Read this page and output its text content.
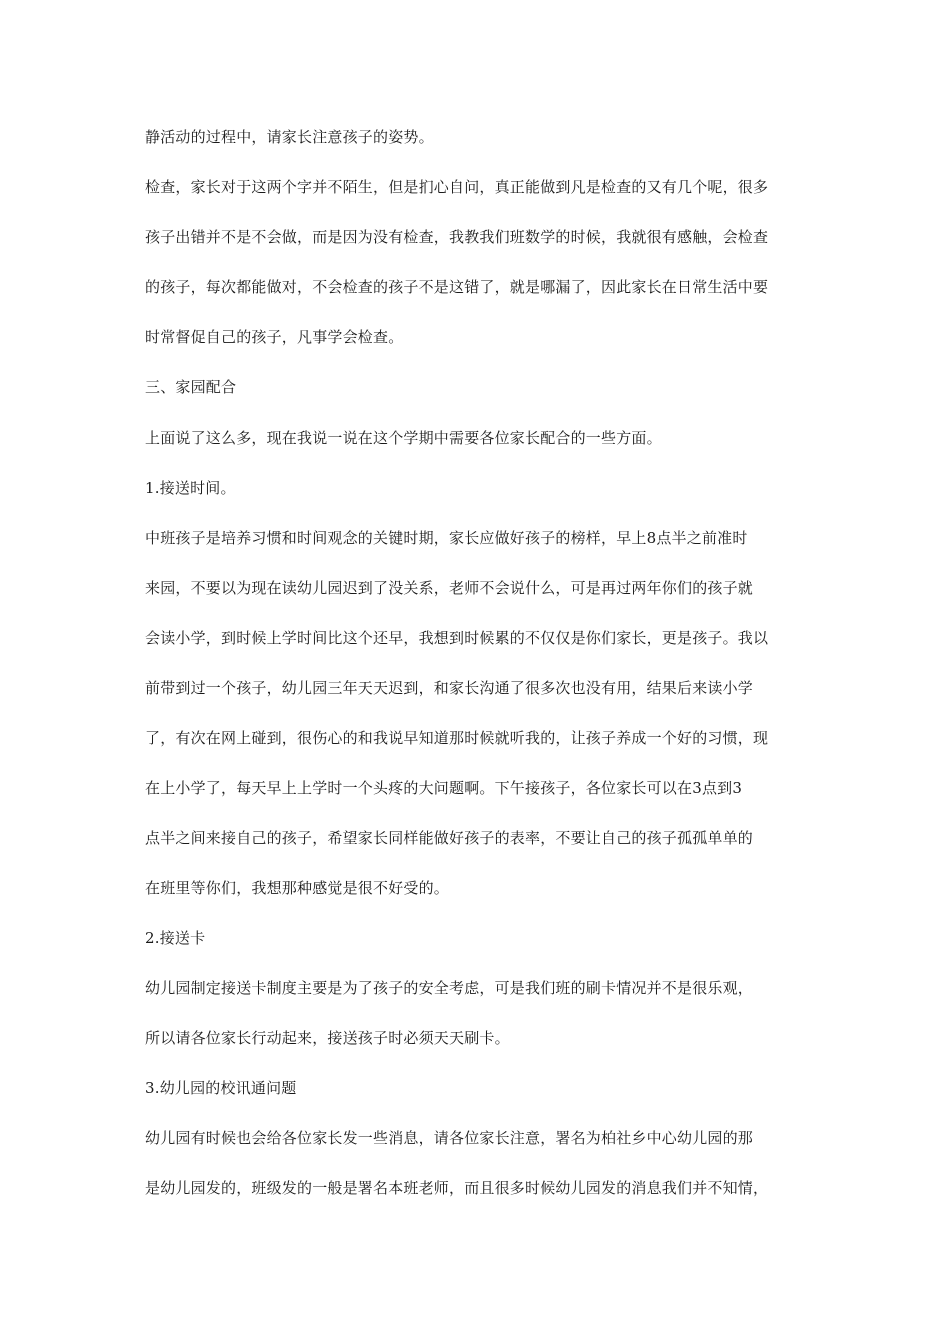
静活动的过程中，请家长注意孩子的姿势。
检查，家长对于这两个字并不陌生，但是扪心自问，真正能做到凡是检查的又有几个呢，很多
孩子出错并不是不会做，而是因为没有检查，我教我们班数学的时候，我就很有感触，会检查
的孩子，每次都能做对，不会检查的孩子不是这错了，就是哪漏了，因此家长在日常生活中要
时常督促自己的孩子，凡事学会检查。
三、家园配合
上面说了这么多，现在我说一说在这个学期中需要各位家长配合的一些方面。
1.接送时间。
中班孩子是培养习惯和时间观念的关键时期，家长应做好孩子的榜样，早上8点半之前准时
来园，不要以为现在读幼儿园迟到了没关系，老师不会说什么，可是再过两年你们的孩子就
会读小学，到时候上学时间比这个还早，我想到时候累的不仅仅是你们家长，更是孩子。我以
前带到过一个孩子，幼儿园三年天天迟到，和家长沟通了很多次也没有用，结果后来读小学
了，有次在网上碰到，很伤心的和我说早知道那时候就听我的，让孩子养成一个好的习惯，现
在上小学了，每天早上上学时一个头疼的大问题啊。下午接孩子，各位家长可以在3点到3
点半之间来接自己的孩子，希望家长同样能做好孩子的表率，不要让自己的孩子孤孤单单的
在班里等你们，我想那种感觉是很不好受的。
2.接送卡
幼儿园制定接送卡制度主要是为了孩子的安全考虑，可是我们班的刷卡情况并不是很乐观，
所以请各位家长行动起来，接送孩子时必须天天刷卡。
3.幼儿园的校讯通问题
幼儿园有时候也会给各位家长发一些消息，请各位家长注意，署名为柏社乡中心幼儿园的那
是幼儿园发的，班级发的一般是署名本班老师，而且很多时候幼儿园发的消息我们并不知情，
